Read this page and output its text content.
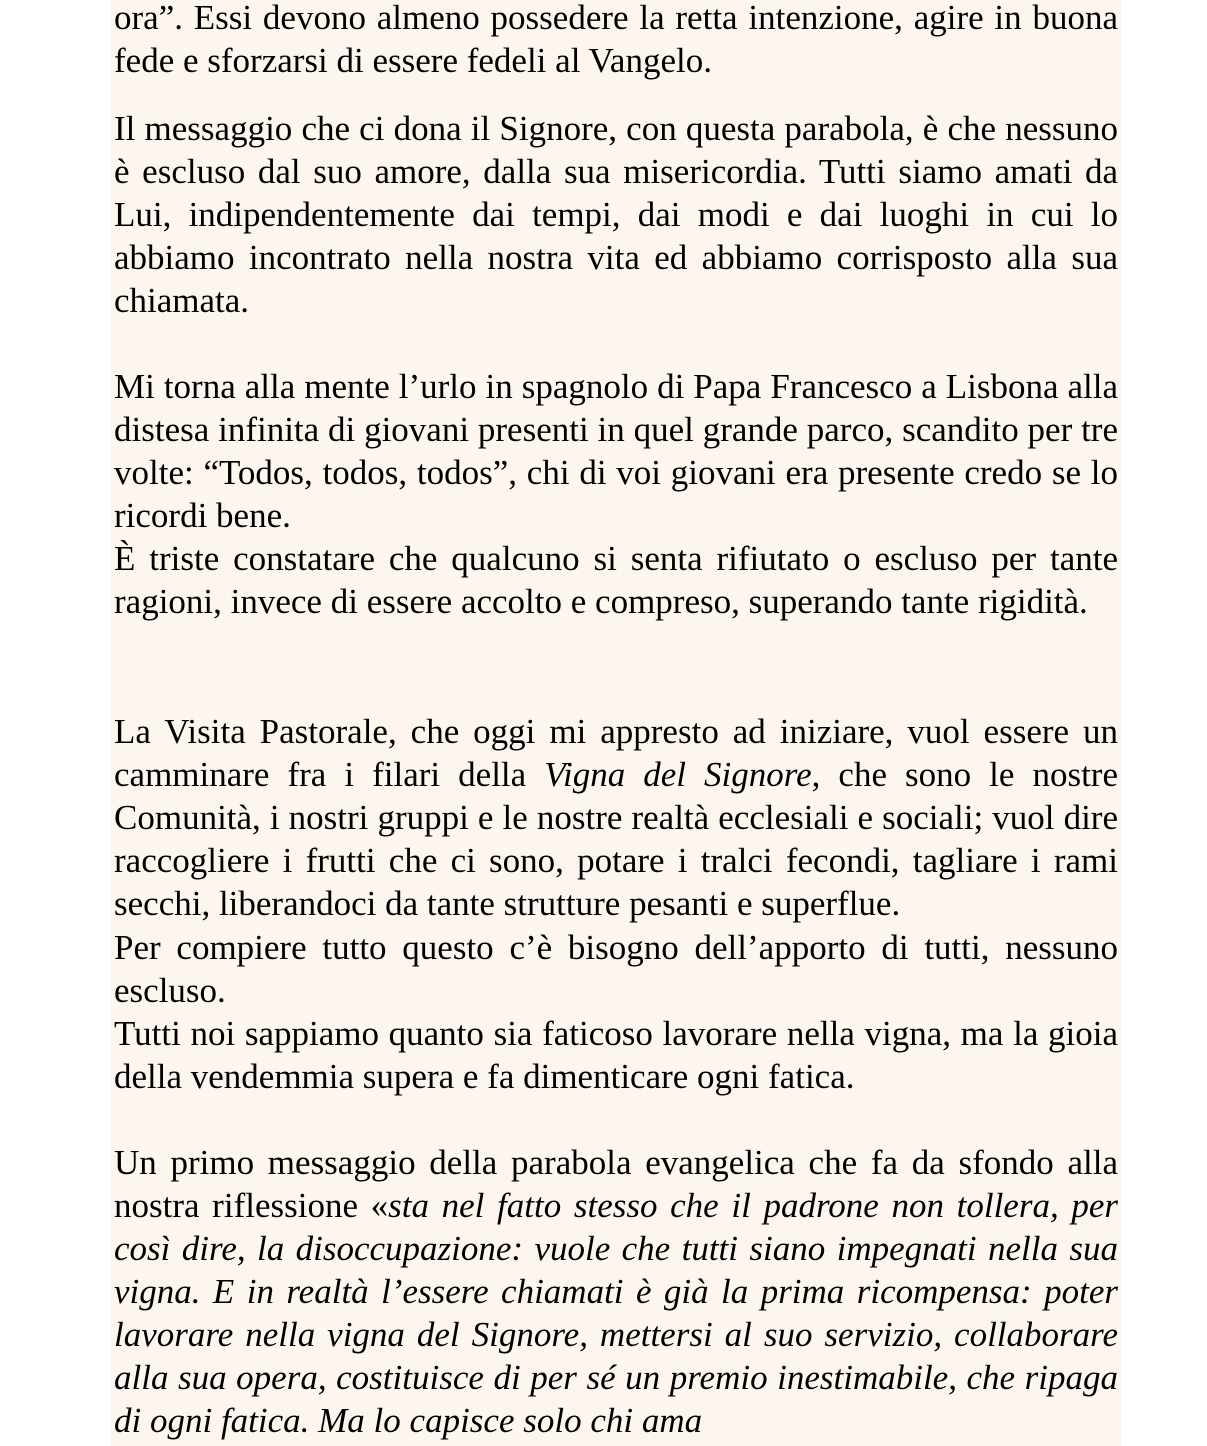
ora”. Essi devono almeno possedere la retta intenzione, agire in buona fede e sforzarsi di essere fedeli al Vangelo.

Il messaggio che ci dona il Signore, con questa parabola, è che nessuno è escluso dal suo amore, dalla sua misericordia. Tutti siamo amati da Lui, indipendentemente dai tempi, dai modi e dai luoghi in cui lo abbiamo incontrato nella nostra vita ed abbiamo corrisposto alla sua chiamata.

Mi torna alla mente l’urlo in spagnolo di Papa Francesco a Lisbona alla distesa infinita di giovani presenti in quel grande parco, scandito per tre volte: “Todos, todos, todos”, chi di voi giovani era presente credo se lo ricordi bene.

È triste constatare che qualcuno si senta rifiutato o escluso per tante ragioni, invece di essere accolto e compreso, superando tante rigidità.

La Visita Pastorale, che oggi mi appresto ad iniziare, vuol essere un camminare fra i filari della Vigna del Signore, che sono le nostre Comunità, i nostri gruppi e le nostre realtà ecclesiali e sociali; vuol dire raccogliere i frutti che ci sono, potare i tralci fecondi, tagliare i rami secchi, liberandoci da tante strutture pesanti e superflue.

Per compiere tutto questo c’è bisogno dell’apporto di tutti, nessuno escluso.

Tutti noi sappiamo quanto sia faticoso lavorare nella vigna, ma la gioia della vendemmia supera e fa dimenticare ogni fatica.

Un primo messaggio della parabola evangelica che fa da sfondo alla nostra riflessione «sta nel fatto stesso che il padrone non tollera, per così dire, la disoccupazione: vuole che tutti siano impegnati nella sua vigna. E in realtà l’essere chiamati è già la prima ricompensa: poter lavorare nella vigna del Signore, mettersi al suo servizio, collaborare alla sua opera, costituisce di per sé un premio inestimabile, che ripaga di ogni fatica. Ma lo capisce solo chi ama
